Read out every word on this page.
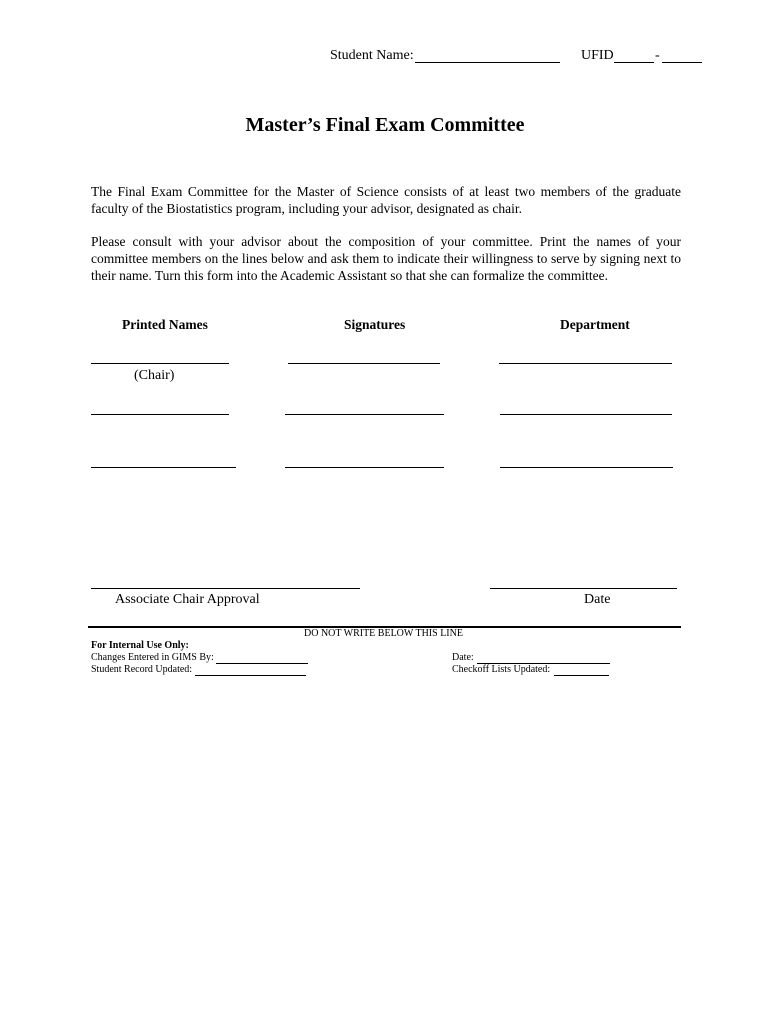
Student Name:	UFID	-
Master’s Final Exam Committee
The Final Exam Committee for the Master of Science consists of at least two members of the graduate faculty of the Biostatistics program, including your advisor, designated as chair.
Please consult with your advisor about the composition of your committee. Print the names of your committee members on the lines below and ask them to indicate their willingness to serve by signing next to their name. Turn this form into the Academic Assistant so that she can formalize the committee.
Printed Names	Signatures	Department
(Chair)
Associate Chair Approval	Date
DO NOT WRITE BELOW THIS LINE
For Internal Use Only:
Changes Entered in GIMS By:
Student Record Updated:
Date:
Checkoff Lists Updated:
